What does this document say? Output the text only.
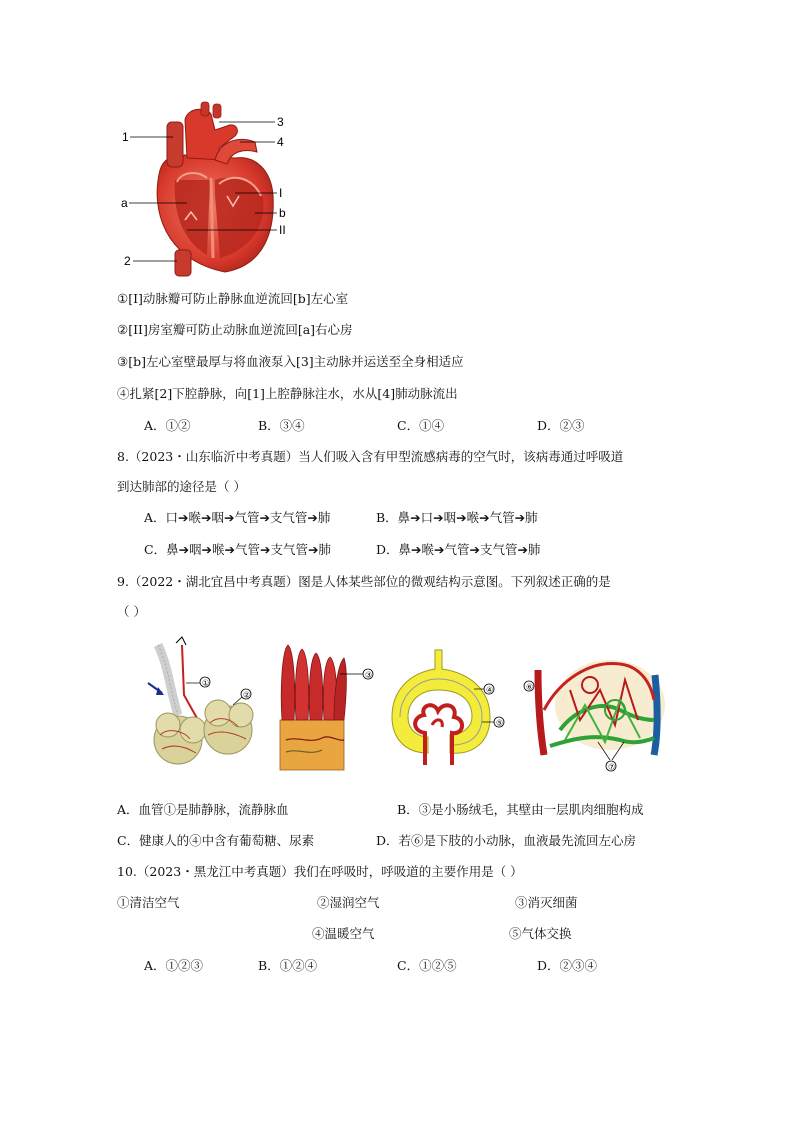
1
3
4
a
I
b
II
2
①[I]动脉瓣可防止静脉血逆流回[b]左心室
②[II]房室瓣可防止动脉血逆流回[a]右心房
③[b]左心室壁最厚与将血液泵入[3]主动脉并运送至全身相适应
④扎紧[2]下腔静脉，向[1]上腔静脉注水，水从[4]肺动脉流出
A．①②	B．③④	C．①④	D．②③
8.（2023・山东临沂中考真题）当人们吸入含有甲型流感病毒的空气时，该病毒通过呼吸道
到达肺部的途径是（ ）
A．口➔喉➔咽➔气管➔支气管➔肺	B．鼻➔口➔咽➔喉➔气管➔肺
C．鼻➔咽➔喉➔气管➔支气管➔肺	D．鼻➔喉➔气管➔支气管➔肺
9.（2022・湖北宜昌中考真题）图是人体某些部位的微观结构示意图。下列叙述正确的是
（ ）
①
②
③
④
⑤
⑥
⑦
A．血管①是肺静脉，流静脉血	B．③是小肠绒毛，其壁由一层肌肉细胞构成
C．健康人的④中含有葡萄糖、尿素	D．若⑥是下肢的小动脉，血液最先流回左心房
10.（2023・黑龙江中考真题）我们在呼吸时，呼吸道的主要作用是（ ）
①清洁空气	②湿润空气	③消灭细菌
④温暖空气	⑤气体交换
A．①②③	B．①②④	C．①②⑤	D．②③④
